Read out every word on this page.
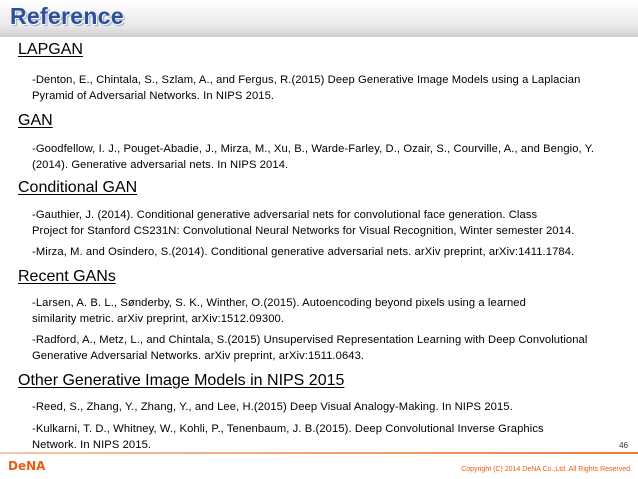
Reference
LAPGAN
-Denton, E., Chintala, S., Szlam, A., and Fergus, R.(2015) Deep Generative Image Models using a Laplacian
Pyramid of Adversarial Networks. In NIPS 2015.
GAN
-Goodfellow, I. J., Pouget-Abadie, J., Mirza, M., Xu, B., Warde-Farley, D., Ozair, S., Courville, A., and Bengio, Y.
(2014). Generative adversarial nets. In NIPS 2014.
Conditional GAN
-Gauthier, J. (2014). Conditional generative adversarial nets for convolutional face generation. Class
Project for Stanford CS231N: Convolutional Neural Networks for Visual Recognition, Winter semester 2014.
-Mirza, M. and Osindero, S.(2014). Conditional generative adversarial nets. arXiv preprint, arXiv:1411.1784.
Recent GANs
-Larsen, A. B. L., Sønderby, S. K., Winther, O.(2015). Autoencoding beyond pixels using a learned
similarity metric. arXiv preprint, arXiv:1512.09300.
-Radford, A., Metz, L., and Chintala, S.(2015) Unsupervised Representation Learning with Deep Convolutional
Generative Adversarial Networks. arXiv preprint, arXiv:1511.0643.
Other Generative Image Models in NIPS 2015
-Reed, S., Zhang, Y., Zhang, Y., and Lee, H.(2015) Deep Visual Analogy-Making. In NIPS 2015.
-Kulkarni, T. D., Whitney, W., Kohli, P., Tenenbaum, J. B.(2015). Deep Convolutional Inverse Graphics
Network. In NIPS 2015.	46
DeNA	Copyright (C) 2014 DeNA Co.,Ltd. All Rights Reserved.
